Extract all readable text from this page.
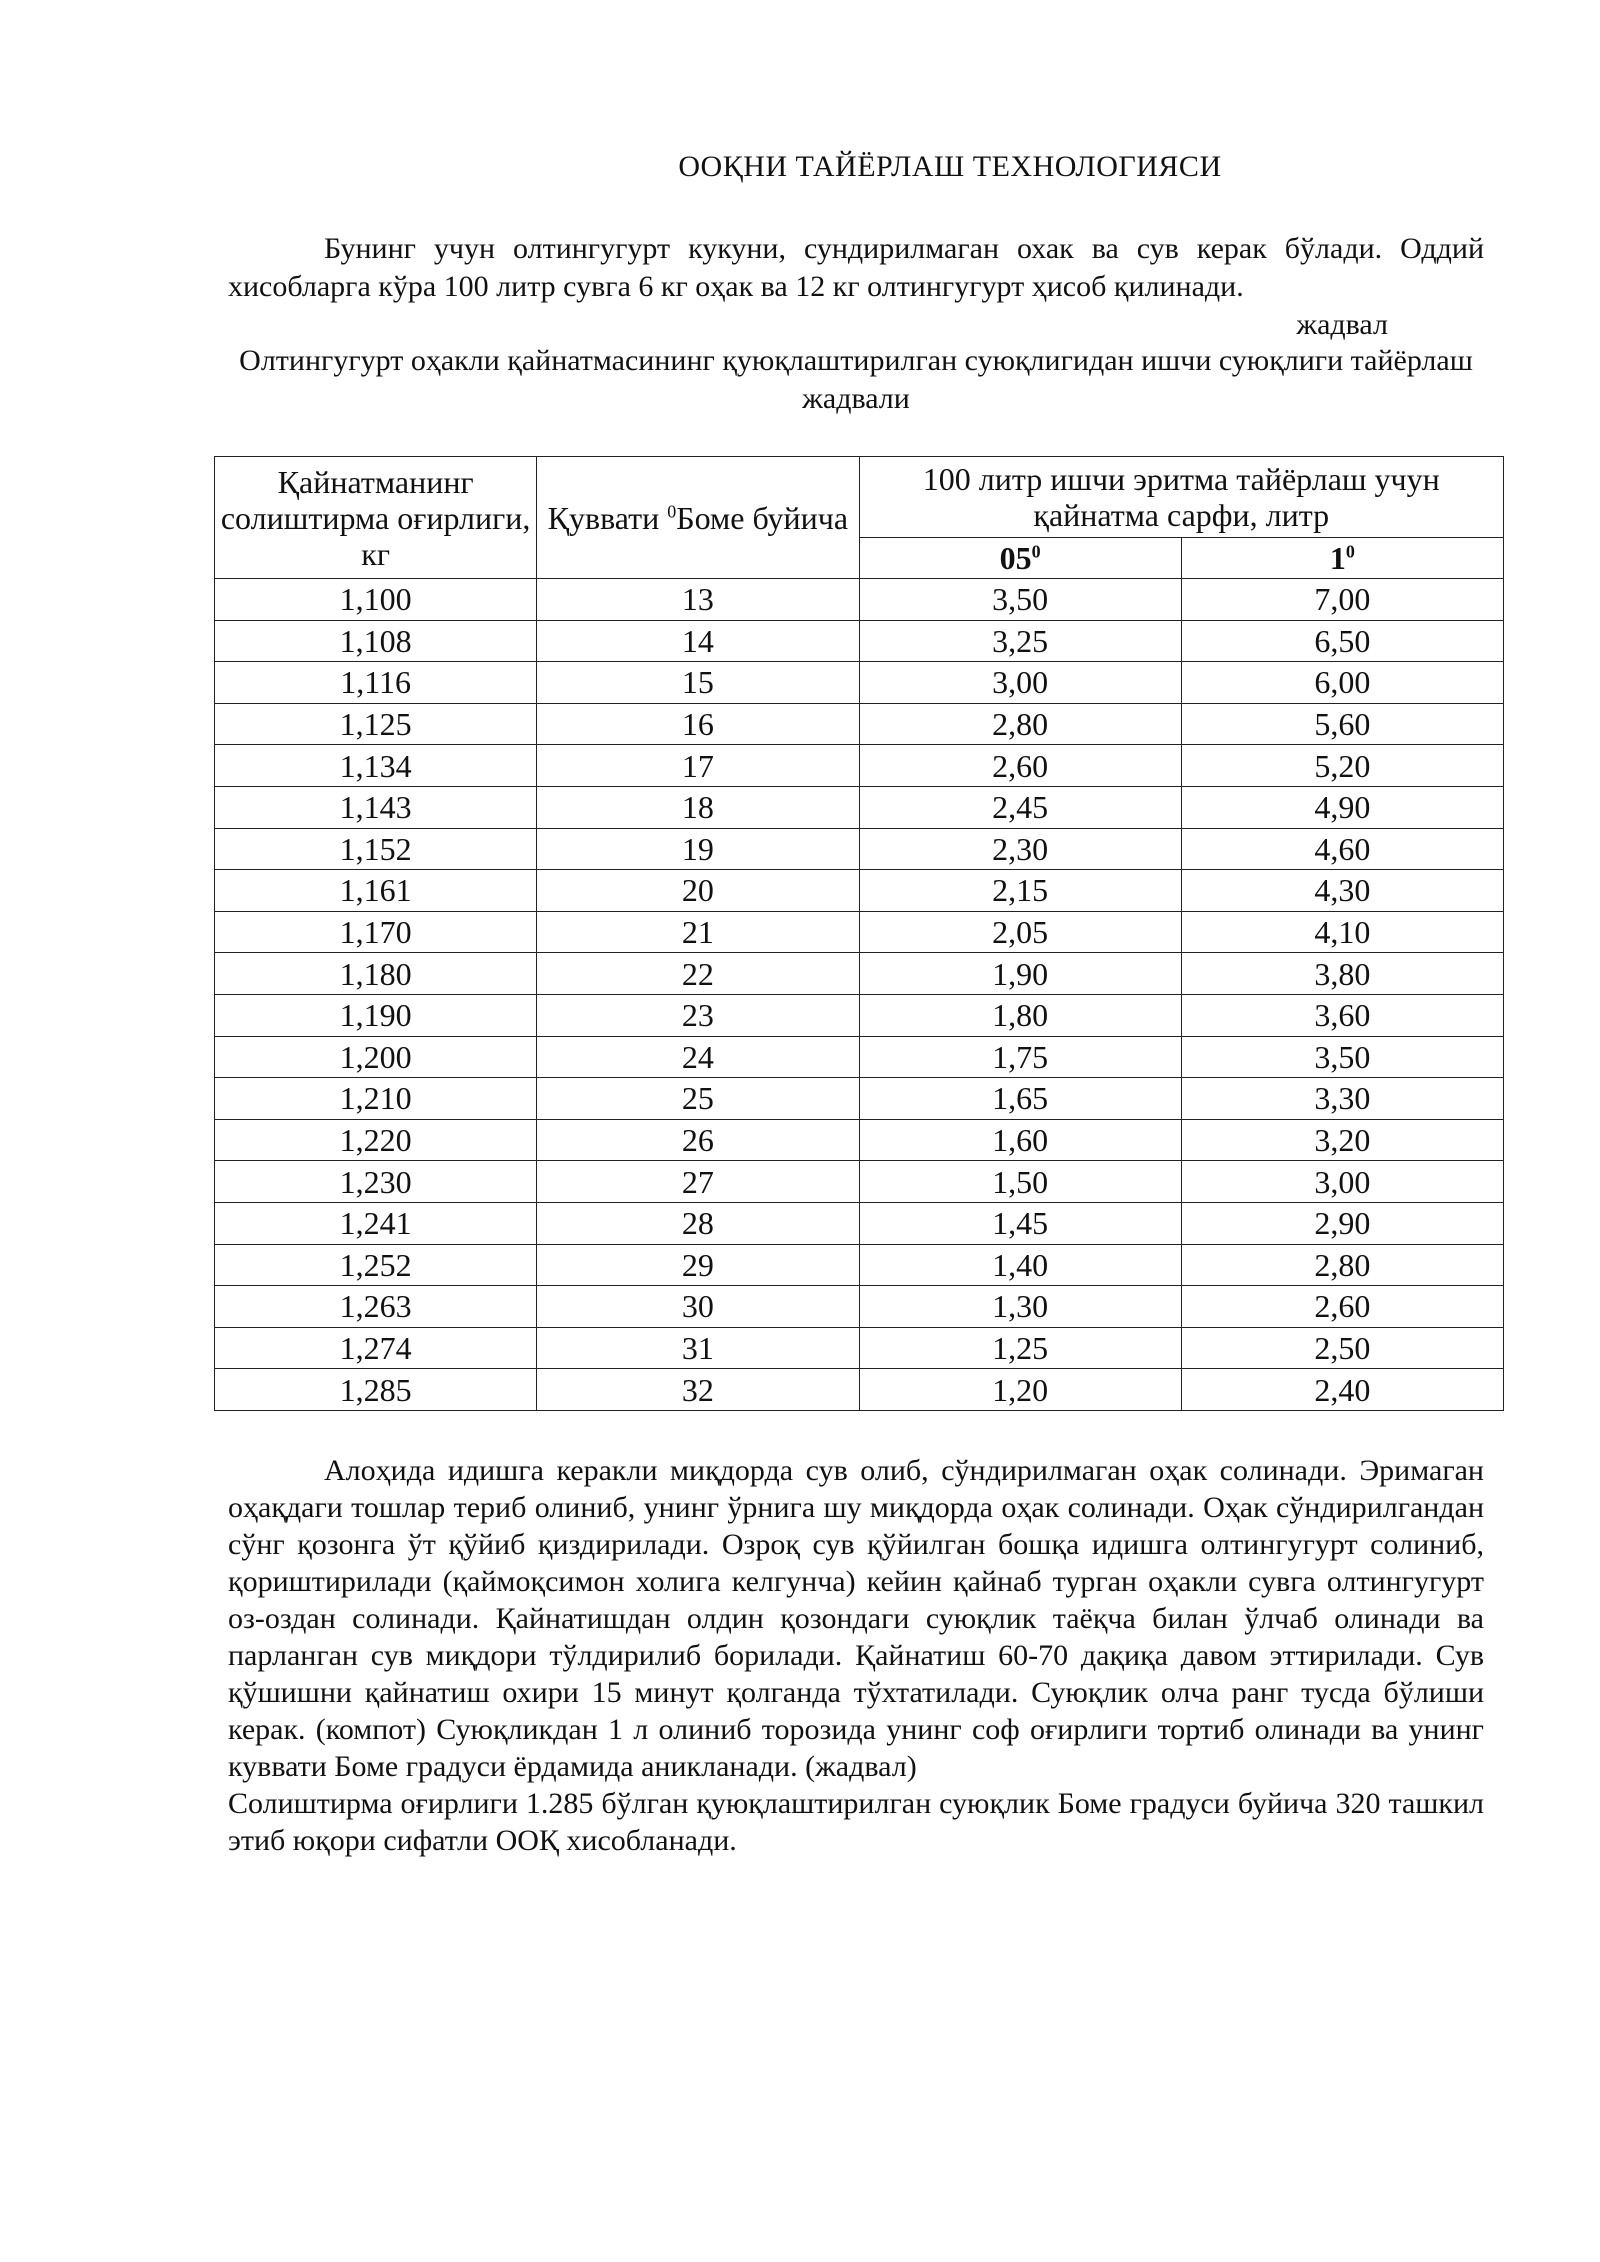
ООҚНИ ТАЙЁРЛАШ ТЕХНОЛОГИЯСИ
Бунинг учун олтингугурт кукуни, сундирилмаган охак ва сув керак бўлади. Оддий хисобларга кўра 100 литр сувга 6 кг оҳак ва 12 кг олтингугурт ҳисоб қилинади.
жадвал
Олтингугурт оҳакли қайнатмасининг қуюқлаштирилган суюқлигидан ишчи суюқлиги тайёрлаш жадвали
Қайнатманинг солиштирма оғирлиги, кг	Қуввати $^0$Боме буйича	100 литр ишчи эритма тайёрлаш учун қайнатма сарфи, литр	
		$05^0$	$1^0$
1,100	13	3,50	7,00
1,108	14	3,25	6,50
1,116	15	3,00	6,00
1,125	16	2,80	5,60
1,134	17	2,60	5,20
1,143	18	2,45	4,90
1,152	19	2,30	4,60
1,161	20	2,15	4,30
1,170	21	2,05	4,10
1,180	22	1,90	3,80
1,190	23	1,80	3,60
1,200	24	1,75	3,50
1,210	25	1,65	3,30
1,220	26	1,60	3,20
1,230	27	1,50	3,00
1,241	28	1,45	2,90
1,252	29	1,40	2,80
1,263	30	1,30	2,60
1,274	31	1,25	2,50
1,285	32	1,20	2,40

Алоҳида идишга керакли миқдорда сув олиб, сўндирилмаган оҳак солинади. Эримаган оҳақдаги тошлар териб олиниб, унинг ўрнига шу миқдорда оҳак солинади. Оҳак сўндирилгандан сўнг қозонга ўт қўйиб қиздирилади. Озроқ сув қўйилган бошқа идишга олтингугурт солиниб, қориштирилади (қаймоқсимон холига келгунча) кейин қайнаб турган оҳакли сувга олтингугурт оз-оздан солинади. Қайнатишдан олдин қозондаги суюқлик таёқча билан ўлчаб олинади ва парланган сув миқдори тўлдирилиб борилади. Қайнатиш 60-70 дақиқа давом эттирилади. Сув қўшишни қайнатиш охири 15 минут қолганда тўхтатилади. Суюқлик олча ранг тусда бўлиши керак. (компот) Суюқликдан 1 л олиниб торозида унинг соф оғирлиги тортиб олинади ва унинг куввати Боме градуси ёрдамида аникланади. (жадвал)

Солиштирма оғирлиги 1.285 бўлган қуюқлаштирилган суюқлик Боме градуси буйича 320 ташкил этиб юқори сифатли ООҚ хисобланади.
